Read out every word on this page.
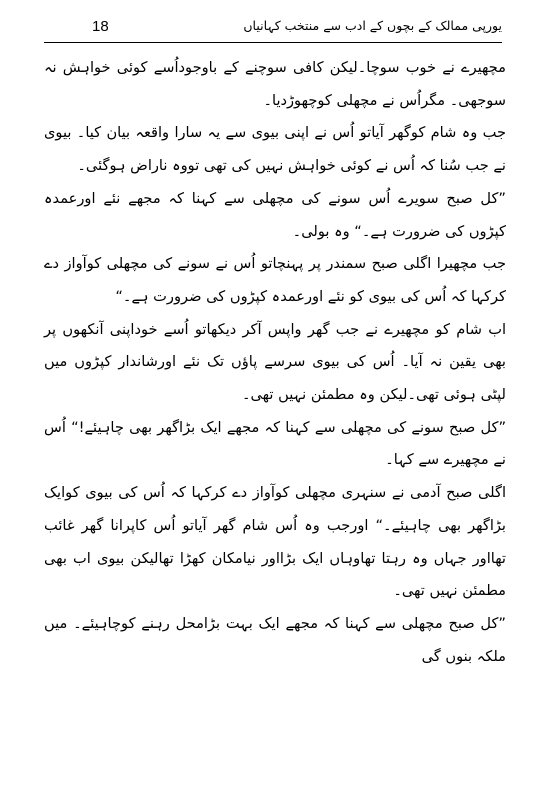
18	یورپی ممالک کے بچوں کے ادب سے منتخب کہانیاں

مچھیرے نے خوب سوچا۔لیکن کافی سوچنے کے باوجوداُسے کوئی خواہش نہ سوجھی۔ مگراُس نے مچھلی کوچھوڑدیا۔

جب وہ شام کوگھر آیاتو اُس نے اپنی بیوی سے یہ سارا واقعہ بیان کیا۔ بیوی نے جب سُنا کہ اُس نے کوئی خواہش نہیں کی تھی تووہ ناراض ہوگئی۔

”کل صبح سویرے اُس سونے کی مچھلی سے کہنا کہ مجھے نئے اورعمدہ کپڑوں کی ضرورت ہے۔“ وہ بولی۔

جب مچھیرا اگلی صبح سمندر پر پہنچاتو اُس نے سونے کی مچھلی کوآواز دے کرکہا کہ اُس کی بیوی کو نئے اورعمدہ کپڑوں کی ضرورت ہے۔“

اب شام کو مچھیرے نے جب گھر واپس آکر دیکھاتو اُسے خوداپنی آنکھوں پر بھی یقین نہ آیا۔ اُس کی بیوی سرسے پاؤں تک نئے اورشاندار کپڑوں میں لپٹی ہوئی تھی۔لیکن وہ مطمئن نہیں تھی۔

”کل صبح سونے کی مچھلی سے کہنا کہ مجھے ایک بڑاگھر بھی چاہیئے!“ اُس نے مچھیرے سے کہا۔

اگلی صبح آدمی نے سنہری مچھلی کوآواز دے کرکہا کہ اُس کی بیوی کوایک بڑاگھر بھی چاہیئے۔“ اورجب وہ اُس شام گھر آیاتو اُس کاپرانا گھر غائب تھااور جہاں وہ رہتا تھاوہاں ایک بڑااور نیامکان کھڑا تھالیکن بیوی اب بھی مطمئن نہیں تھی۔

”کل صبح مچھلی سے کہنا کہ مجھے ایک بہت بڑامحل رہنے کوچاہیئے۔ میں ملکہ بنوں گی
